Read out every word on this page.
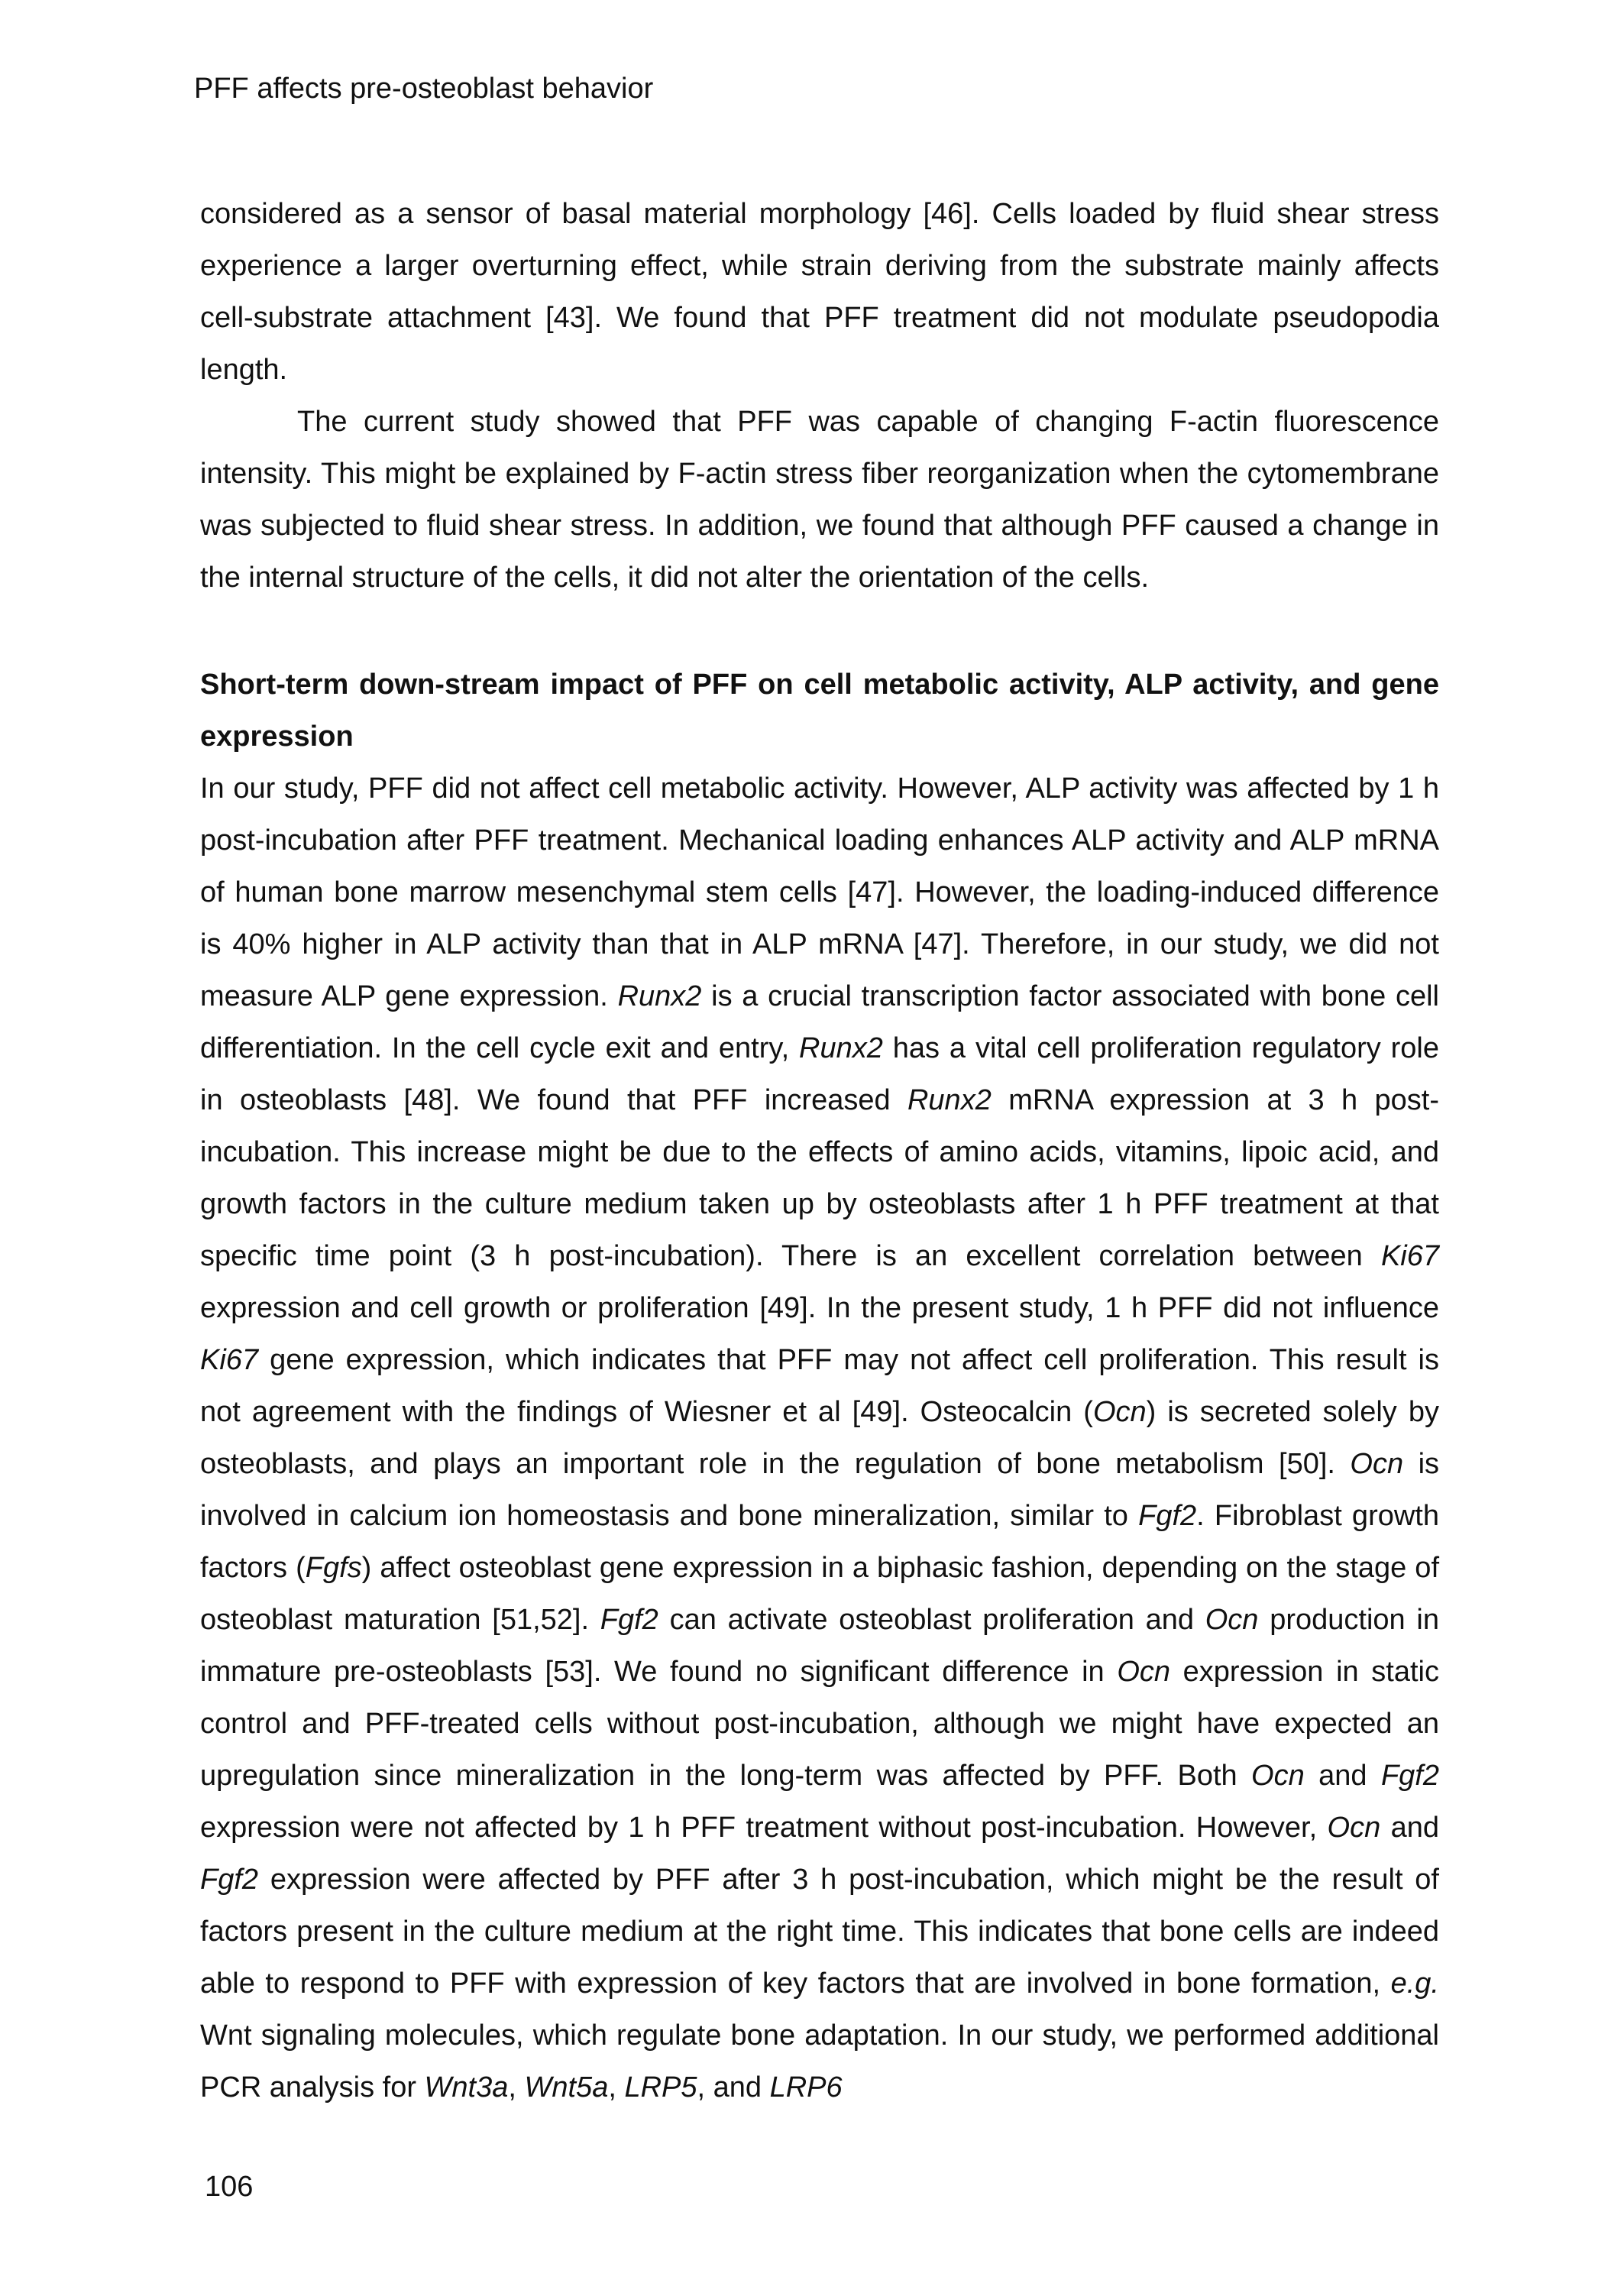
PFF affects pre-osteoblast behavior

considered as a sensor of basal material morphology [46]. Cells loaded by fluid shear stress experience a larger overturning effect, while strain deriving from the substrate mainly affects cell-substrate attachment [43]. We found that PFF treatment did not modulate pseudopodia length.

The current study showed that PFF was capable of changing F-actin fluorescence intensity. This might be explained by F-actin stress fiber reorganization when the cytomembrane was subjected to fluid shear stress. In addition, we found that although PFF caused a change in the internal structure of the cells, it did not alter the orientation of the cells.

Short-term down-stream impact of PFF on cell metabolic activity, ALP activity, and gene expression

In our study, PFF did not affect cell metabolic activity. However, ALP activity was affected by 1 h post-incubation after PFF treatment. Mechanical loading enhances ALP activity and ALP mRNA of human bone marrow mesenchymal stem cells [47]. However, the loading-induced difference is 40% higher in ALP activity than that in ALP mRNA [47]. Therefore, in our study, we did not measure ALP gene expression. Runx2 is a crucial transcription factor associated with bone cell differentiation. In the cell cycle exit and entry, Runx2 has a vital cell proliferation regulatory role in osteoblasts [48]. We found that PFF increased Runx2 mRNA expression at 3 h post-incubation. This increase might be due to the effects of amino acids, vitamins, lipoic acid, and growth factors in the culture medium taken up by osteoblasts after 1 h PFF treatment at that specific time point (3 h post-incubation). There is an excellent correlation between Ki67 expression and cell growth or proliferation [49]. In the present study, 1 h PFF did not influence Ki67 gene expression, which indicates that PFF may not affect cell proliferation. This result is not agreement with the findings of Wiesner et al [49]. Osteocalcin (Ocn) is secreted solely by osteoblasts, and plays an important role in the regulation of bone metabolism [50]. Ocn is involved in calcium ion homeostasis and bone mineralization, similar to Fgf2. Fibroblast growth factors (Fgfs) affect osteoblast gene expression in a biphasic fashion, depending on the stage of osteoblast maturation [51,52]. Fgf2 can activate osteoblast proliferation and Ocn production in immature pre-osteoblasts [53]. We found no significant difference in Ocn expression in static control and PFF-treated cells without post-incubation, although we might have expected an upregulation since mineralization in the long-term was affected by PFF. Both Ocn and Fgf2 expression were not affected by 1 h PFF treatment without post-incubation. However, Ocn and Fgf2 expression were affected by PFF after 3 h post-incubation, which might be the result of factors present in the culture medium at the right time. This indicates that bone cells are indeed able to respond to PFF with expression of key factors that are involved in bone formation, e.g. Wnt signaling molecules, which regulate bone adaptation. In our study, we performed additional PCR analysis for Wnt3a, Wnt5a, LRP5, and LRP6

106
